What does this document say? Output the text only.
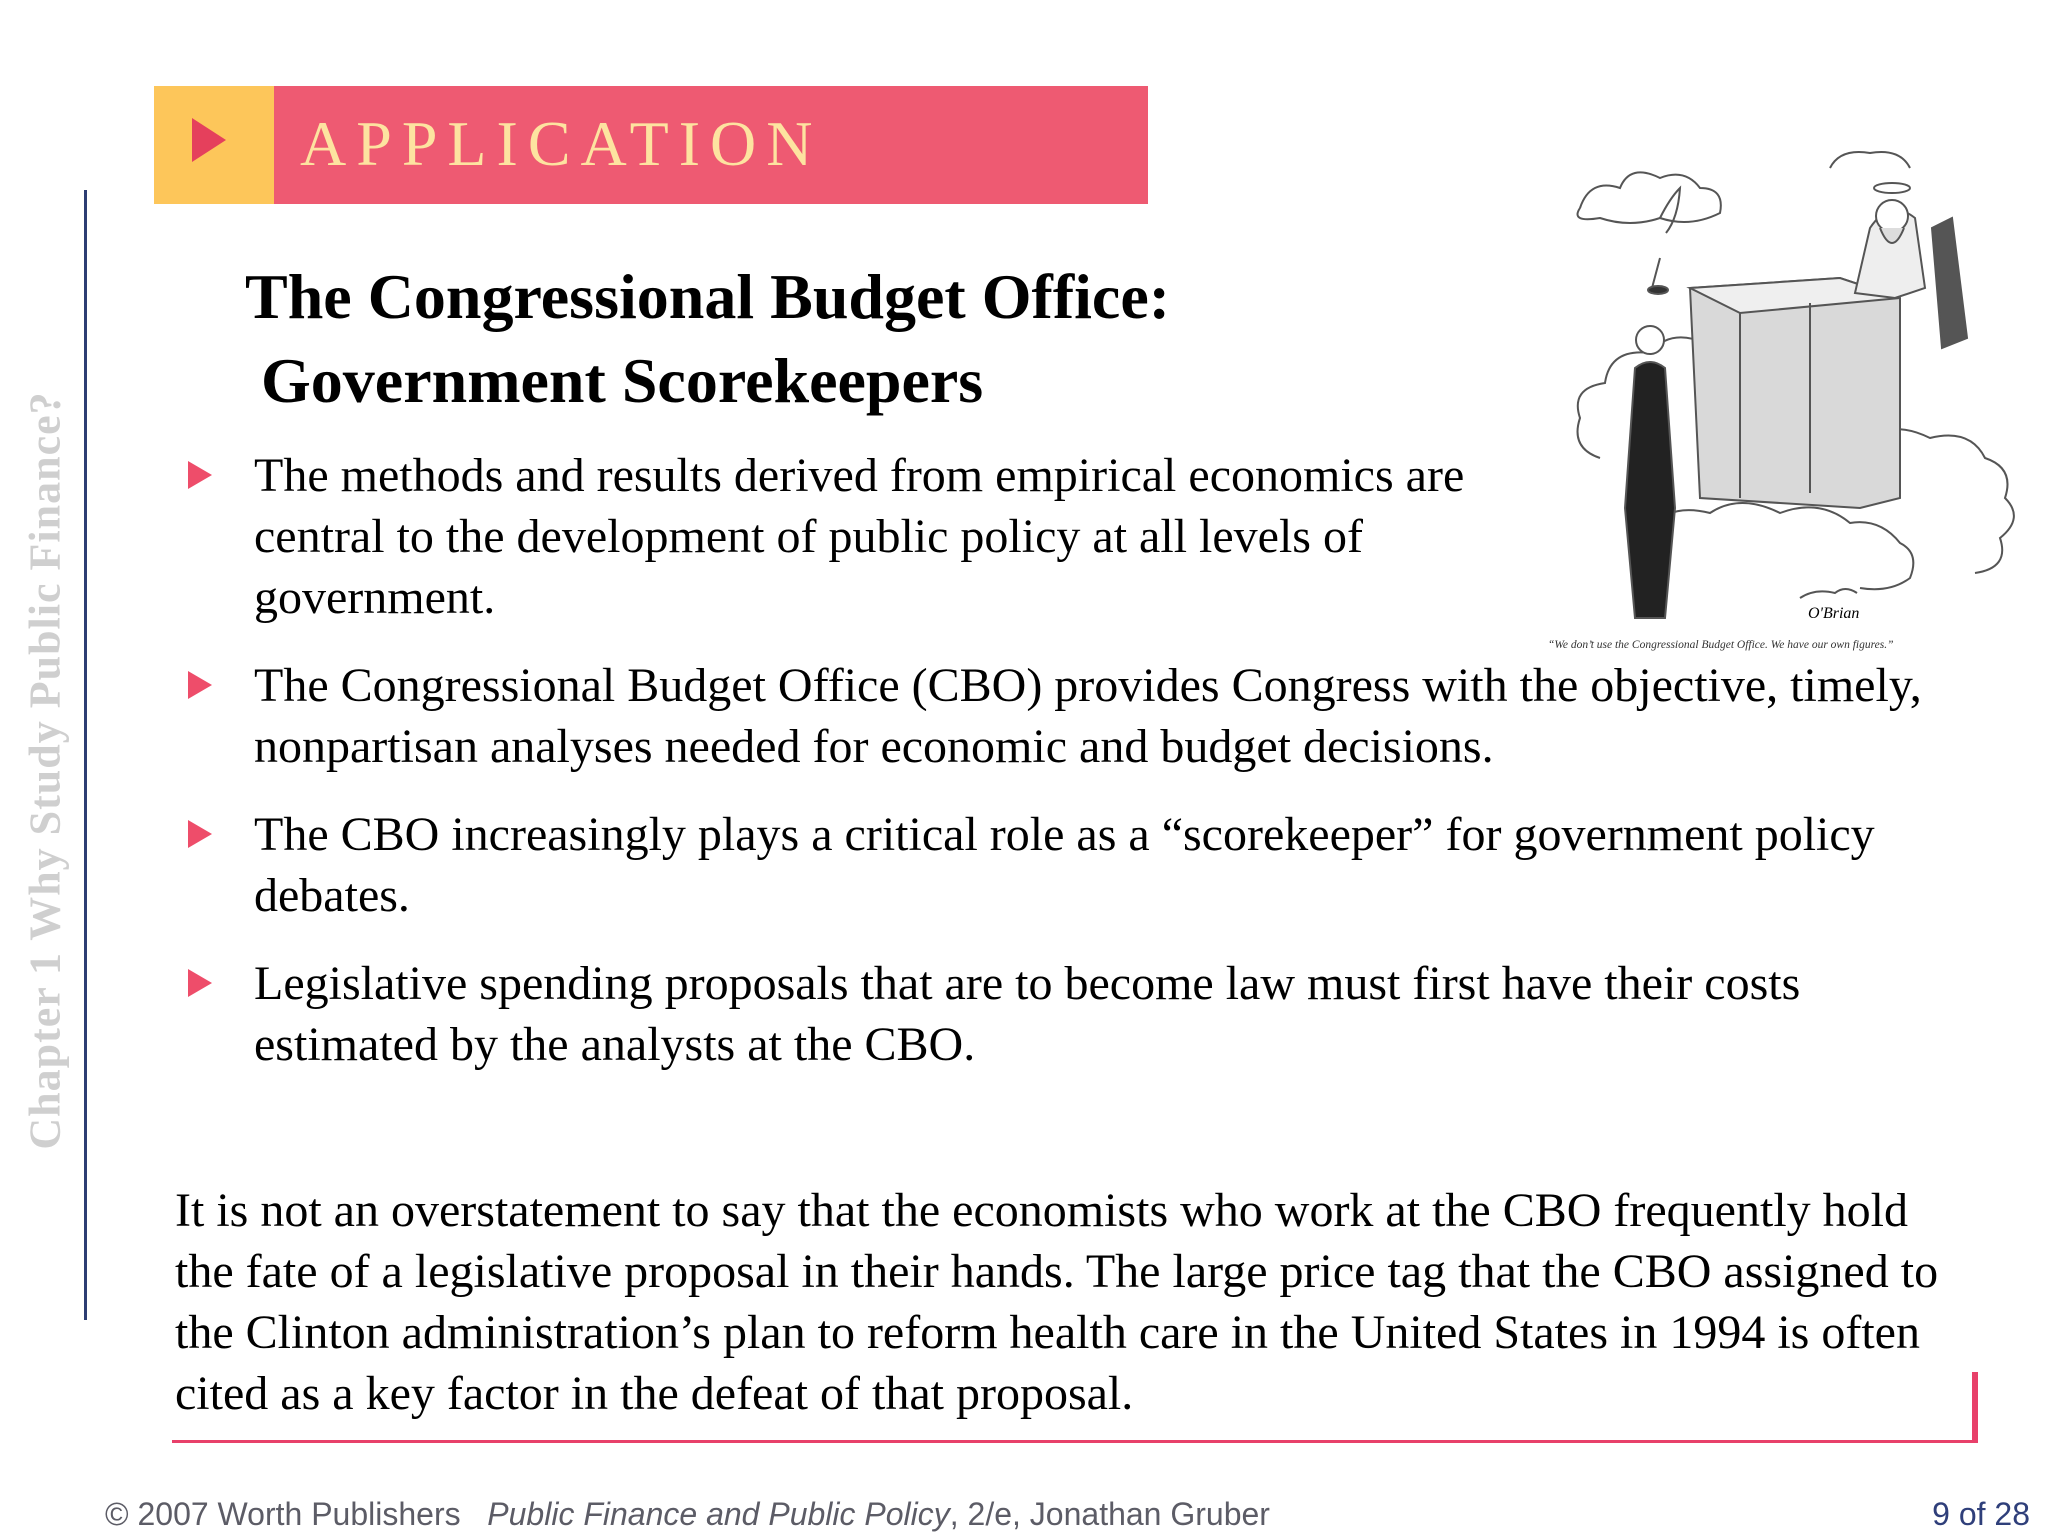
Chapter 1 Why Study Public Finance?
APPLICATION
The Congressional Budget Office:
Government Scorekeepers
O'Brian
“We don’t use the Congressional Budget Office. We have our own figures.”
The methods and results derived from empirical economics are central to the development of public policy at all levels of government.
The Congressional Budget Office (CBO) provides Congress with the objective, timely, nonpartisan analyses needed for economic and budget decisions.
The CBO increasingly plays a critical role as a “scorekeeper” for government policy debates.
Legislative spending proposals that are to become law must first have their costs estimated by the analysts at the CBO.
It is not an overstatement to say that the economists who work at the CBO frequently hold the fate of a legislative proposal in their hands. The large price tag that the CBO assigned to the Clinton administration’s plan to reform health care in the United States in 1994 is often cited as a key factor in the defeat of that proposal.
© 2007 Worth Publishers Public Finance and Public Policy, 2/e, Jonathan Gruber	9 of 28
